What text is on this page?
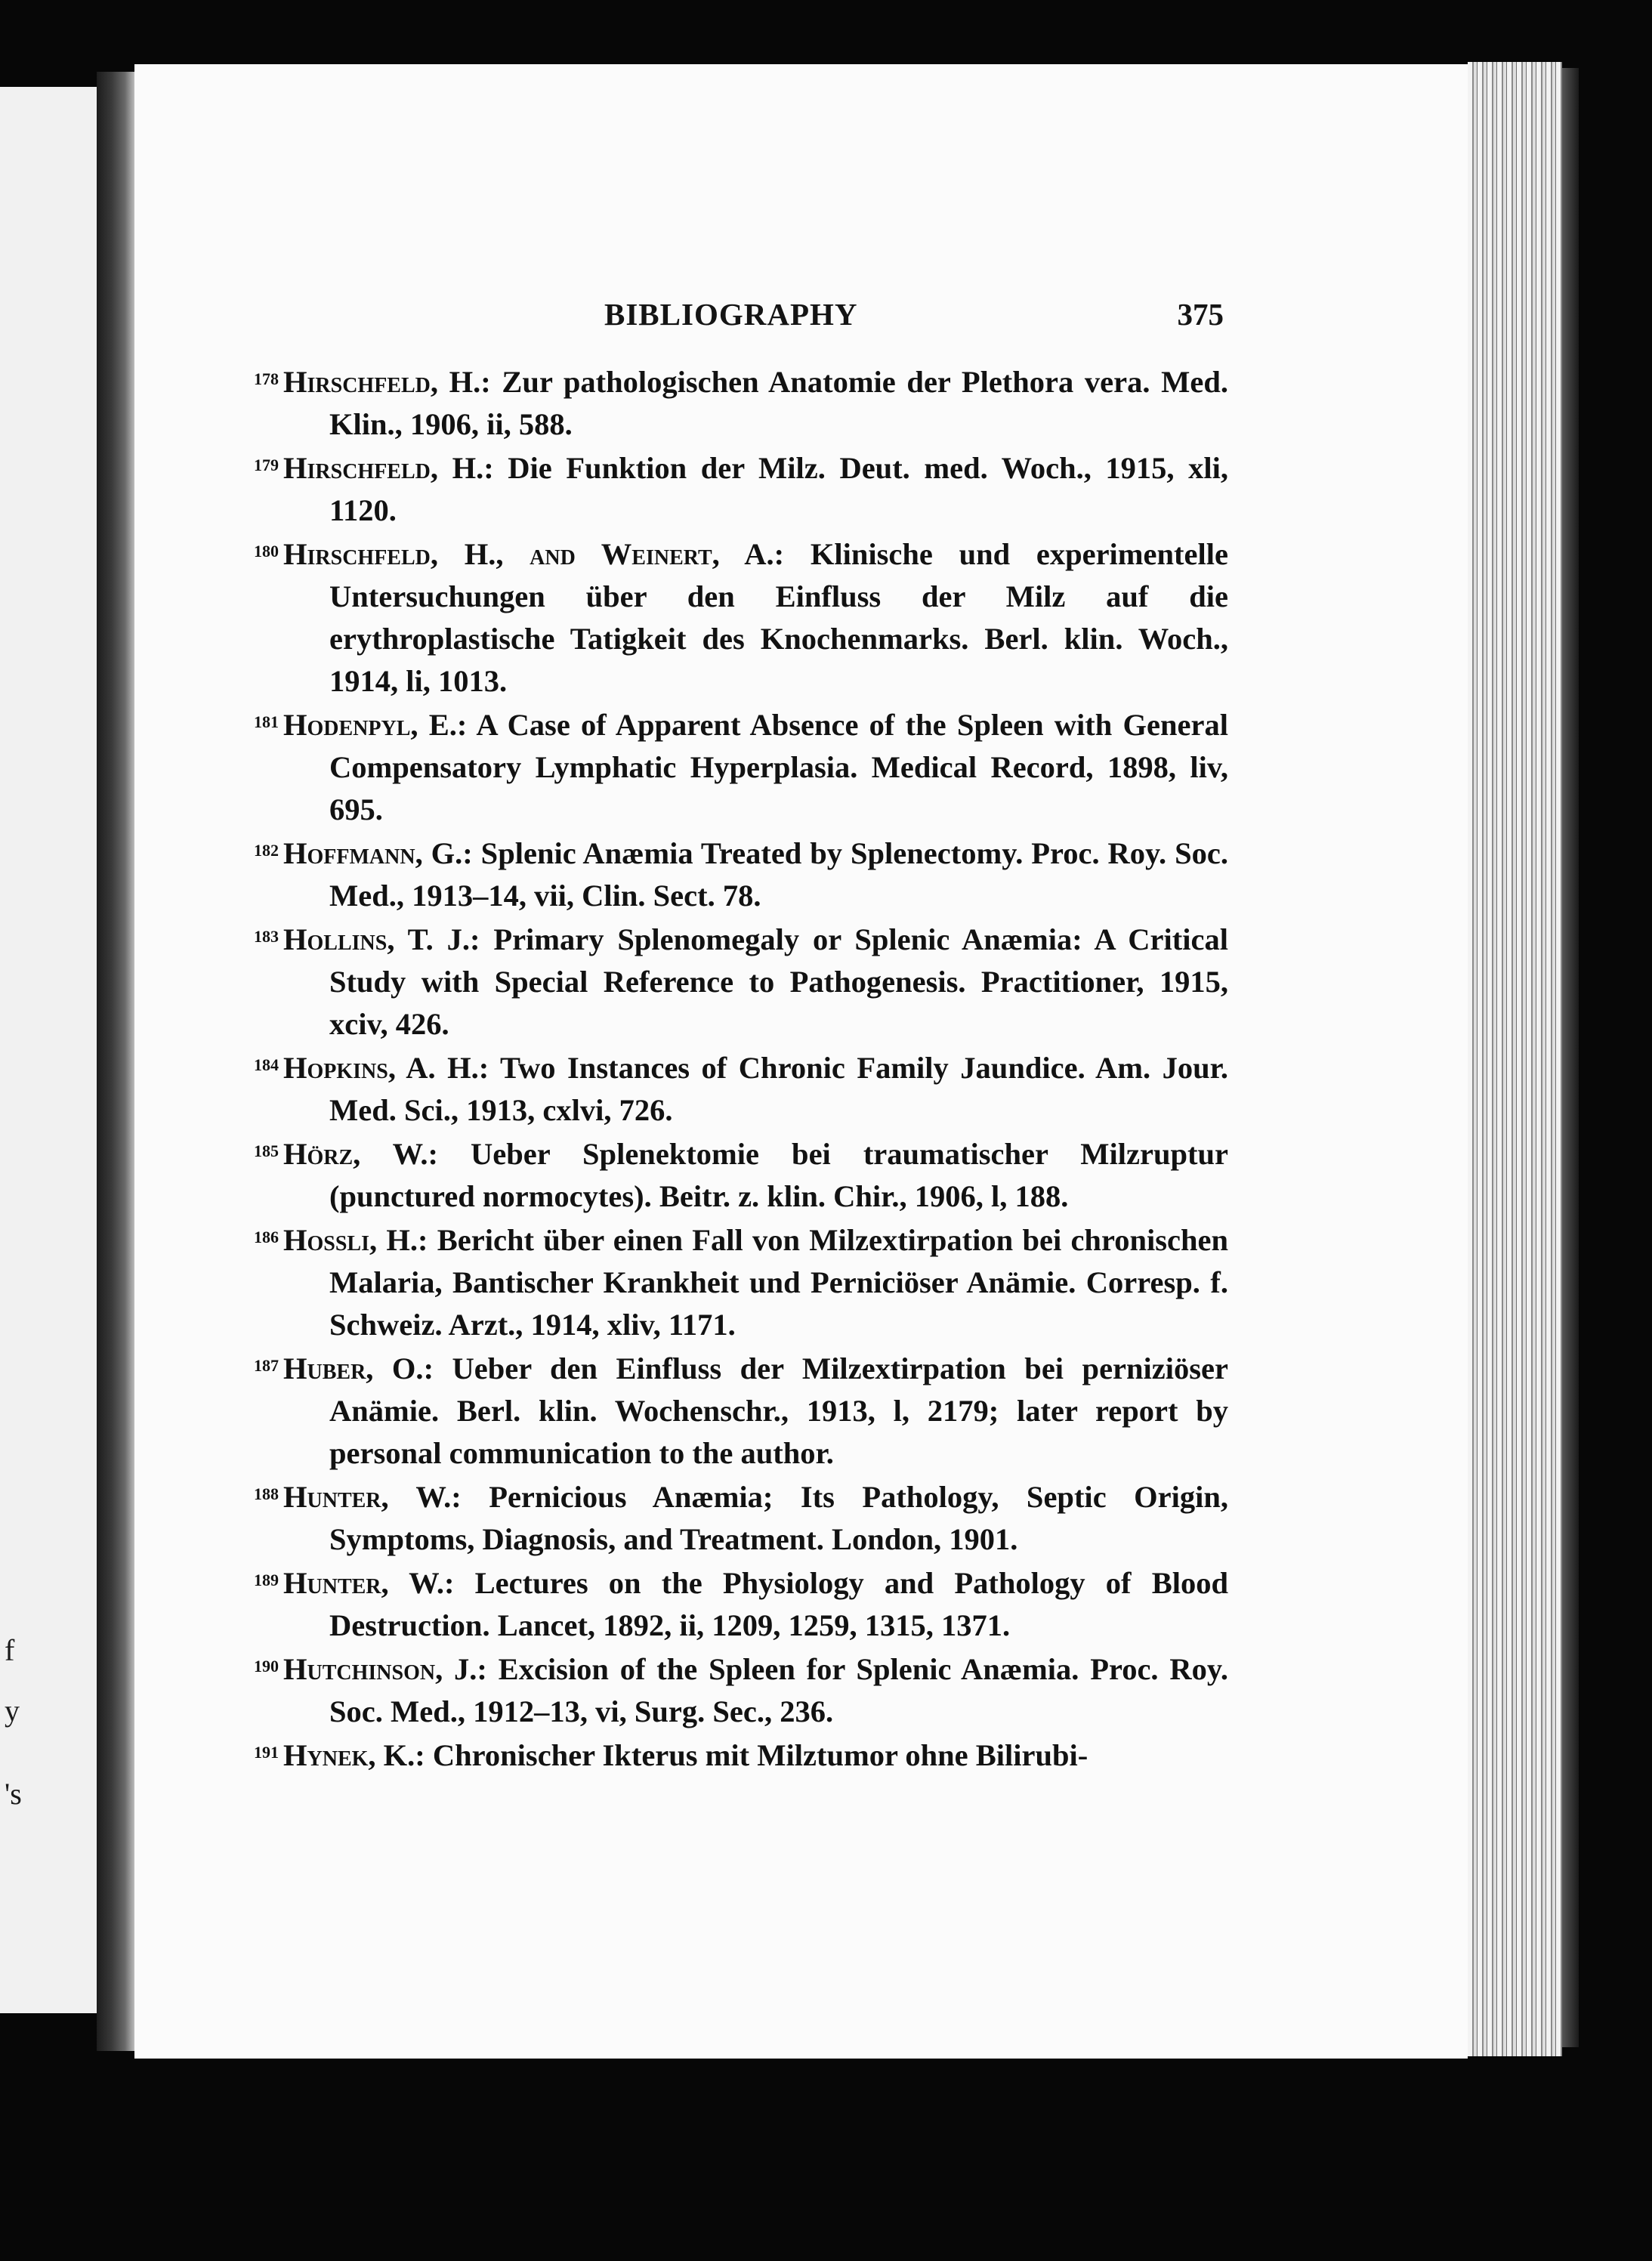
f
y
's
BIBLIOGRAPHY	375

$^{178}$ Hirschfeld, H.: Zur pathologischen Anatomie der Plethora vera. Med. Klin., 1906, ii, 588.

$^{179}$ Hirschfeld, H.: Die Funktion der Milz. Deut. med. Woch., 1915, xli, 1120.

$^{180}$ Hirschfeld, H., and Weinert, A.: Klinische und experimentelle Untersuchungen über den Einfluss der Milz auf die erythroplastische Tatigkeit des Knochenmarks. Berl. klin. Woch., 1914, li, 1013.

$^{181}$ Hodenpyl, E.: A Case of Apparent Absence of the Spleen with General Compensatory Lymphatic Hyperplasia. Medical Record, 1898, liv, 695.

$^{182}$ Hoffmann, G.: Splenic Anæmia Treated by Splenectomy. Proc. Roy. Soc. Med., 1913–14, vii, Clin. Sect. 78.

$^{183}$ Hollins, T. J.: Primary Splenomegaly or Splenic Anæmia: A Critical Study with Special Reference to Pathogenesis. Practitioner, 1915, xciv, 426.

$^{184}$ Hopkins, A. H.: Two Instances of Chronic Family Jaundice. Am. Jour. Med. Sci., 1913, cxlvi, 726.

$^{185}$ Hörz, W.: Ueber Splenektomie bei traumatischer Milzruptur (punctured normocytes). Beitr. z. klin. Chir., 1906, l, 188.

$^{186}$ Hossli, H.: Bericht über einen Fall von Milzextirpation bei chronischen Malaria, Bantischer Krankheit und Perniciöser Anämie. Corresp. f. Schweiz. Arzt., 1914, xliv, 1171.

$^{187}$ Huber, O.: Ueber den Einfluss der Milzextirpation bei perniziöser Anämie. Berl. klin. Wochenschr., 1913, l, 2179; later report by personal communication to the author.

$^{188}$ Hunter, W.: Pernicious Anæmia; Its Pathology, Septic Origin, Symptoms, Diagnosis, and Treatment. London, 1901.

$^{189}$ Hunter, W.: Lectures on the Physiology and Pathology of Blood Destruction. Lancet, 1892, ii, 1209, 1259, 1315, 1371.

$^{190}$ Hutchinson, J.: Excision of the Spleen for Splenic Anæmia. Proc. Roy. Soc. Med., 1912–13, vi, Surg. Sec., 236.

$^{191}$ Hynek, K.: Chronischer Ikterus mit Milztumor ohne Bilirubi-
